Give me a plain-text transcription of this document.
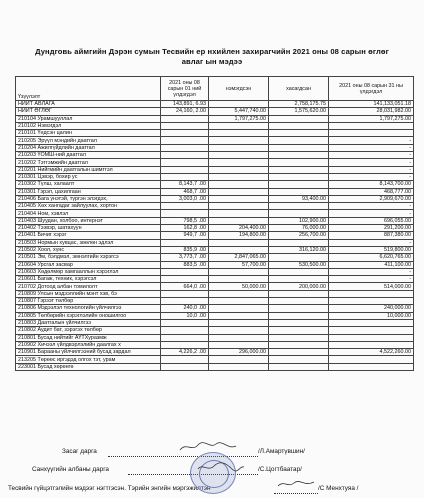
Дундговь аймгийн Дэрэн сумын Тесвийн ер нхийлен захирагчийн 2021 оны 08 сарын өглөг
авлаг ын мэдээ
Үзүүлэлт	2021 оны 08 сарын 01 ний үлдэгдэл	нэмэгдсэн	хасагдсан	2021 оны 08 сарын 31 ны үлдэгдэл
НИЙТ АВЛАГА	143,891, 6.93		2,758,175.75	141,133,051.18
НИЙТ ӨГЛӨГ	24,160, 2.00	5,447,740.00	1,575,620.00	28,031,982.00
210104 Урамшууллал		1,797,275.00		1,797,275.00
210102 Нэмэгдэл				
210101 Үндсэн цалин				
210205 Эрүүл мэндийн даатгал				-
210204 Ажилгүйдлийн даатгал				-
210203 ҮОМШ-ний даатгал				-
210202 Тэтгэмжийн даатгал				-
210201 Нийгмийн даатгалын шимтгэл				-
210301 Цэвэр, бохир ус				-
210302 Түлш, халаалт	8,143,7 .00			8,143,700.00
210301 Гэрэл, цахилгаан	468,7 .00			468,777.00
210406 Бага үнэтэй, түргэн элэгдэх,	3,003,0 .00		93,400.00	2,909,670.00
210405 Хөх хангадаг зайлуулах, хортон				-
210404 Ном, хэвлэл				-
210403 Шуудан, холбоо, интернэт	798,5 .00		102,900.00	696,055.00
210402 Тээвэр, шатахуун	162,8 .00	204,400.00	76,000.00	291,200.00
210401 Бичиг хэрэг	949,7 .00	194,800.00	256,700.00	887,380.00
210503 Нормын хувцас, зөөлөн эдлэл				-
210502 Хоол, хүнс	835,9 .00		316,120.00	519,800.00
210501 Эм, бэлдмэл, эмнэлгийн хэрэгсэ	3,773,7 .00	2,847,065.00		6,620,765.00
210604 Урсгал засвар	883,5 .00	57,700.00	530,500.00	411,100.00
210603 Хөдөлмөр хамгааллын хэрэглэл				-
210601 Багаж, техник, хэрэгсэл				-
210702 Дотоод албан томилолт	664,0 .00	50,000.00	200,000.00	514,000.00
210809 Улсын мэдээллийн мэнт хэв, бэ				
210807 Гэрээт төлбөр				
210806 Мэдээлэл технологийн үйлчилгээ	240,0 .00			240,000.00
210805 Төлбөрийн хэрэглэлийн оношилгоо	10,0 .00			10,000.00
210803 Даатгалын үйлчилгээ				
210802 Аудит бат, зэрэгэх төлбөр				
210801 Бусад нийтийг АҮТХуразмж				
210902 Хичээл үйлдвэрлэлийн даалгах х				
210901 Барааны үйлчилгээний бусад зардал	4,226,2 .00	296,000.00		4,522,260.00
213205 Төрөөс иргэдэд олгох тэт, урам				
223001 Бусад хөрөнгө				
Засаг дарга	/Л.Амартүвшин/
Санхүүгийн албаны дарга	/С.Цогтбаатар/
Тесвийн гүйцэтгэлийн мэдээг нэгтгэсэн. Тэрийн энгийн мэргэжилтэн	/С Менхтуяа /
